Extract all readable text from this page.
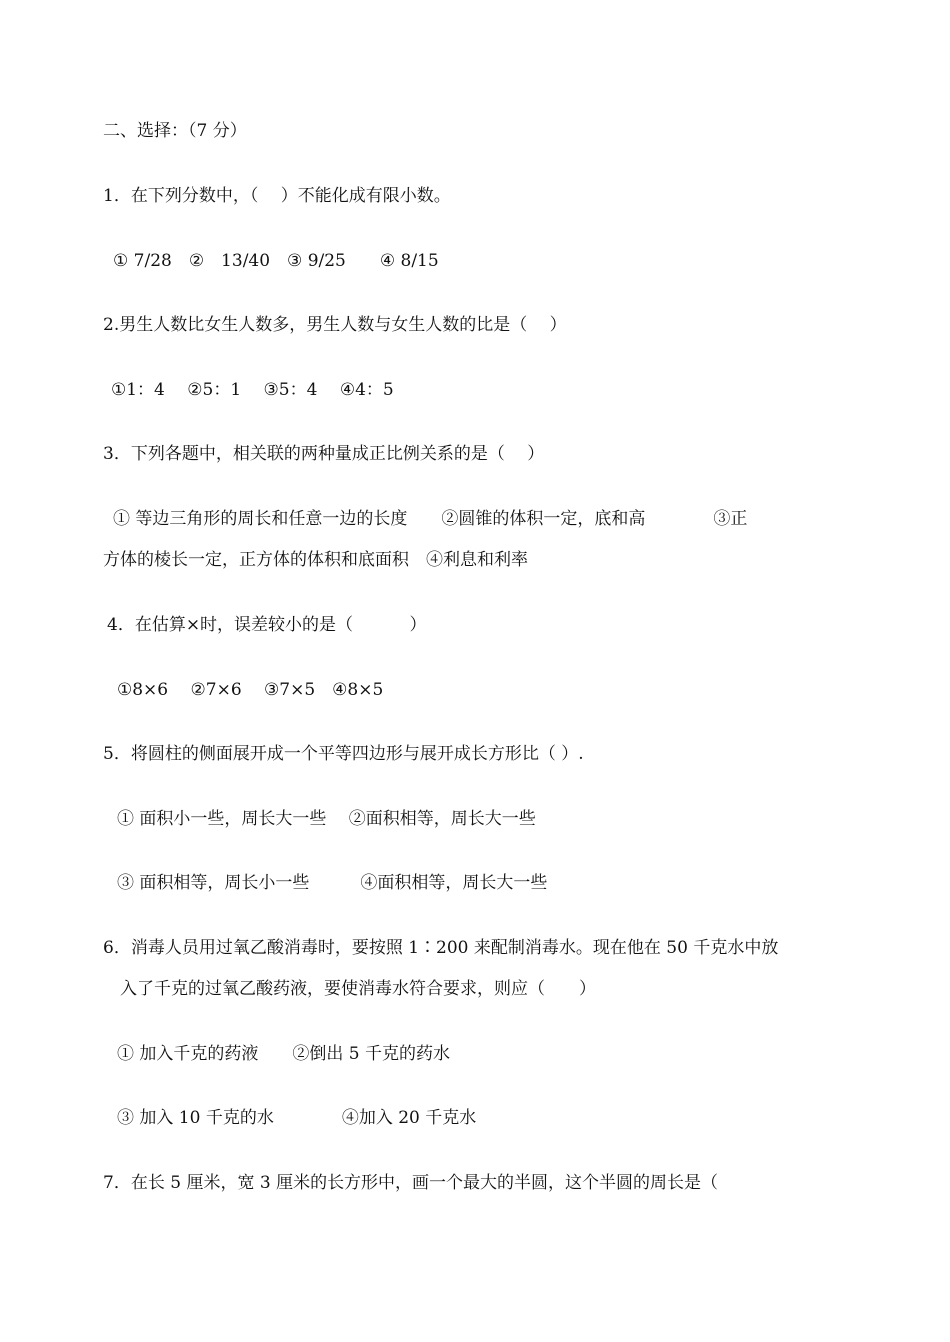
二、选择：（7 分）
1．在下列分数中，（　 ）不能化成有限小数。
① 7/28　②　13/40　③ 9/25　　④ 8/15
2.男生人数比女生人数多，男生人数与女生人数的比是（　 ）
①1：4　 ②5：1　 ③5：4　 ④4：5
3．下列各题中，相关联的两种量成正比例关系的是（　 ）
① 等边三角形的周长和任意一边的长度　　②圆锥的体积一定，底和高　　　　③正
方体的棱长一定，正方体的体积和底面积　④利息和利率
4．在估算×时，误差较小的是（　　　 ）
①8×6　 ②7×6　 ③7×5　④8×5
5．将圆柱的侧面展开成一个平等四边形与展开成长方形比（ ）.
① 面积小一些，周长大一些　 ②面积相等，周长大一些
③ 面积相等，周长小一些　　　④面积相等，周长大一些
6．消毒人员用过氧乙酸消毒时，要按照 1∶200 来配制消毒水。现在他在 50 千克水中放
入了千克的过氧乙酸药液，要使消毒水符合要求，则应（　　）
① 加入千克的药液　　②倒出 5 千克的药水
③ 加入 10 千克的水　　　　④加入 20 千克水
7．在长 5 厘米，宽 3 厘米的长方形中，画一个最大的半圆，这个半圆的周长是（
